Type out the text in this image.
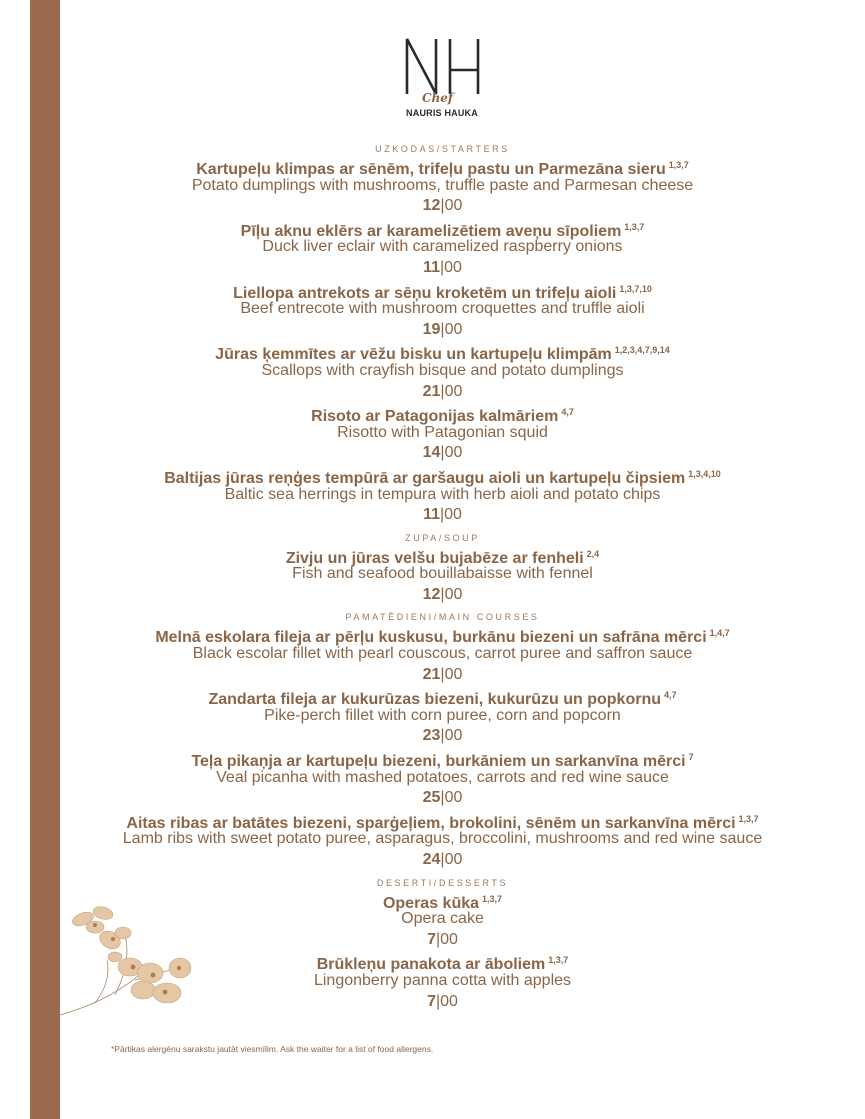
Chef
NAURIS HAUKA
UZKODAS/STARTERS
Kartupeļu klimpas ar sēnēm, trifeļu pastu un Parmezāna sieru $^{1,3,7}$
Potato dumplings with mushrooms, truffle paste and Parmesan cheese
12|00
Pīļu aknu eklērs ar karamelizētiem aveņu sīpoliem $^{1,3,7}$
Duck liver eclair with caramelized raspberry onions
11|00
Liellopa antrekots ar sēņu kroketēm un trifeļu aioli $^{1,3,7,10}$
Beef entrecote with mushroom croquettes and truffle aioli
19|00
Jūras ķemmītes ar vēžu bisku un kartupeļu klimpām $^{1,2,3,4,7,9,14}$
Scallops with crayfish bisque and potato dumplings
21|00
Risoto ar Patagonijas kalmāriem $^{4,7}$
Risotto with Patagonian squid
14|00
Baltijas jūras reņģes tempūrā ar garšaugu aioli un kartupeļu čipsiem $^{1,3,4,10}$
Baltic sea herrings in tempura with herb aioli and potato chips
11|00
ZUPA/SOUP
Zivju un jūras velšu bujabēze ar fenheli $^{2,4}$
Fish and seafood bouillabaisse with fennel
12|00
PAMATĒDIENI/MAIN COURSES
Melnā eskolara fileja ar pērļu kuskusu, burkānu biezeni un safrāna mērci $^{1,4,7}$
Black escolar fillet with pearl couscous, carrot puree and saffron sauce
21|00
Zandarta fileja ar kukurūzas biezeni, kukurūzu un popkornu $^{4,7}$
Pike-perch fillet with corn puree, corn and popcorn
23|00
Teļa pikaņja ar kartupeļu biezeni, burkāniem un sarkanvīna mērci $^7$
Veal picanha with mashed potatoes, carrots and red wine sauce
25|00
Aitas ribas ar batātes biezeni, sparģeļiem, brokolini, sēnēm un sarkanvīna mērci $^{1,3,7}$
Lamb ribs with sweet potato puree, asparagus, broccolini, mushrooms and red wine sauce
24|00
DESERTI/DESSERTS
Operas kūka $^{1,3,7}$
Opera cake
7|00
Brūkleņu panakota ar āboliem $^{1,3,7}$
Lingonberry panna cotta with apples
7|00
*Pārtikas alergēnu sarakstu jautāt viesmīlim. Ask the waiter for a list of food allergens.
